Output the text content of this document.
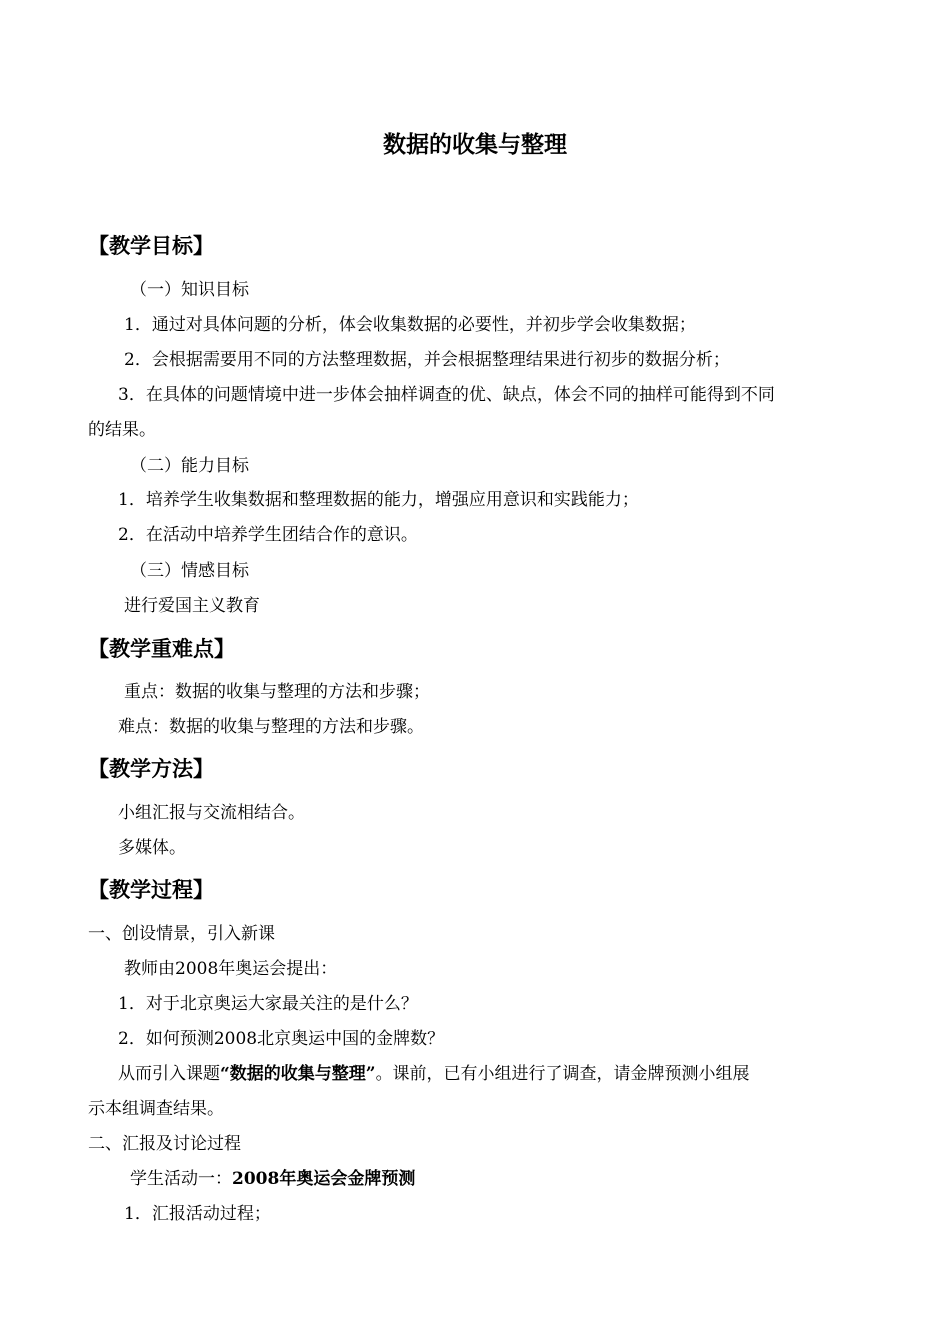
数据的收集与整理
【教学目标】
（一）知识目标
1．通过对具体问题的分析，体会收集数据的必要性，并初步学会收集数据；
2．会根据需要用不同的方法整理数据，并会根据整理结果进行初步的数据分析；
3．在具体的问题情境中进一步体会抽样调查的优、缺点，体会不同的抽样可能得到不同
的结果。
（二）能力目标
1．培养学生收集数据和整理数据的能力，增强应用意识和实践能力；
2．在活动中培养学生团结合作的意识。
（三）情感目标
进行爱国主义教育
【教学重难点】
重点：数据的收集与整理的方法和步骤；
难点：数据的收集与整理的方法和步骤。
【教学方法】
小组汇报与交流相结合。
多媒体。
【教学过程】
一、创设情景，引入新课
教师由2008年奥运会提出：
1．对于北京奥运大家最关注的是什么？
2．如何预测2008北京奥运中国的金牌数？
从而引入课题“数据的收集与整理”。课前，已有小组进行了调查，请金牌预测小组展
示本组调查结果。
二、汇报及讨论过程
学生活动一：2008年奥运会金牌预测
1．汇报活动过程；
